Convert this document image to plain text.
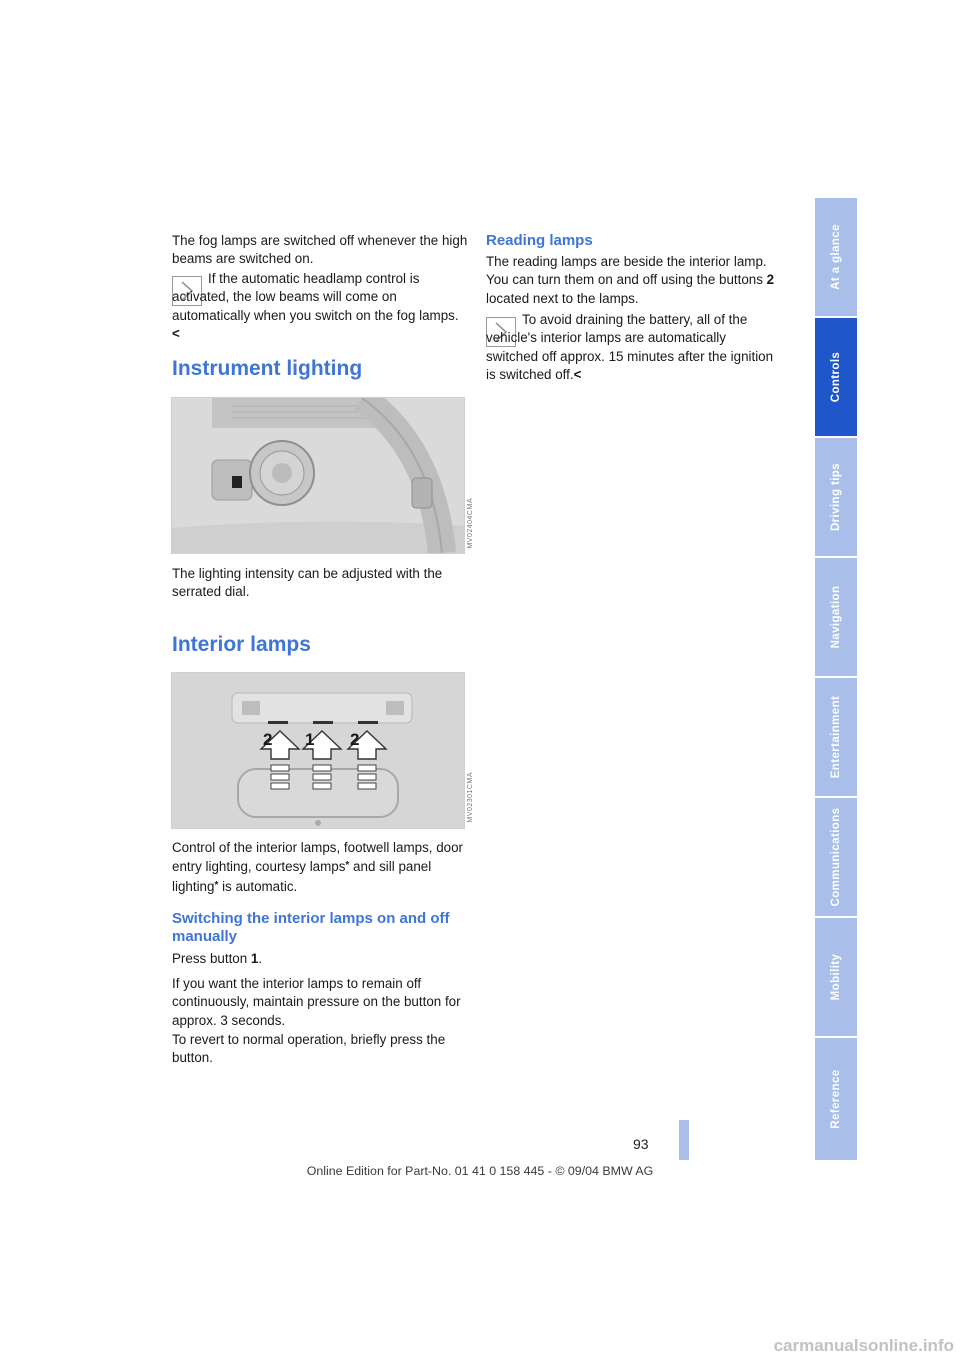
The fog lamps are switched off whenever the high beams are switched on.

If the automatic headlamp control is activated, the low beams will come on automatically when you switch on the fog lamps.<

Instrument lighting
MV02404CMA

The lighting intensity can be adjusted with the serrated dial.

Interior lamps
2 1 2
MV02301CMA

Control of the interior lamps, footwell lamps, door entry lighting, courtesy lamps* and sill panel lighting* is automatic.

Switching the interior lamps on and off manually

Press button 1.

If you want the interior lamps to remain off continuously, maintain pressure on the button for approx. 3 seconds.

To revert to normal operation, briefly press the button.

Reading lamps

The reading lamps are beside the interior lamp. You can turn them on and off using the buttons 2 located next to the lamps.

To avoid draining the battery, all of the vehicle's interior lamps are automatically switched off approx. 15 minutes after the ignition is switched off.<

At a glance
Controls
Driving tips
Navigation
Entertainment
Communications
Mobility
Reference
93
Online Edition for Part-No. 01 41 0 158 445 - © 09/04 BMW AG
carmanualsonline.info
